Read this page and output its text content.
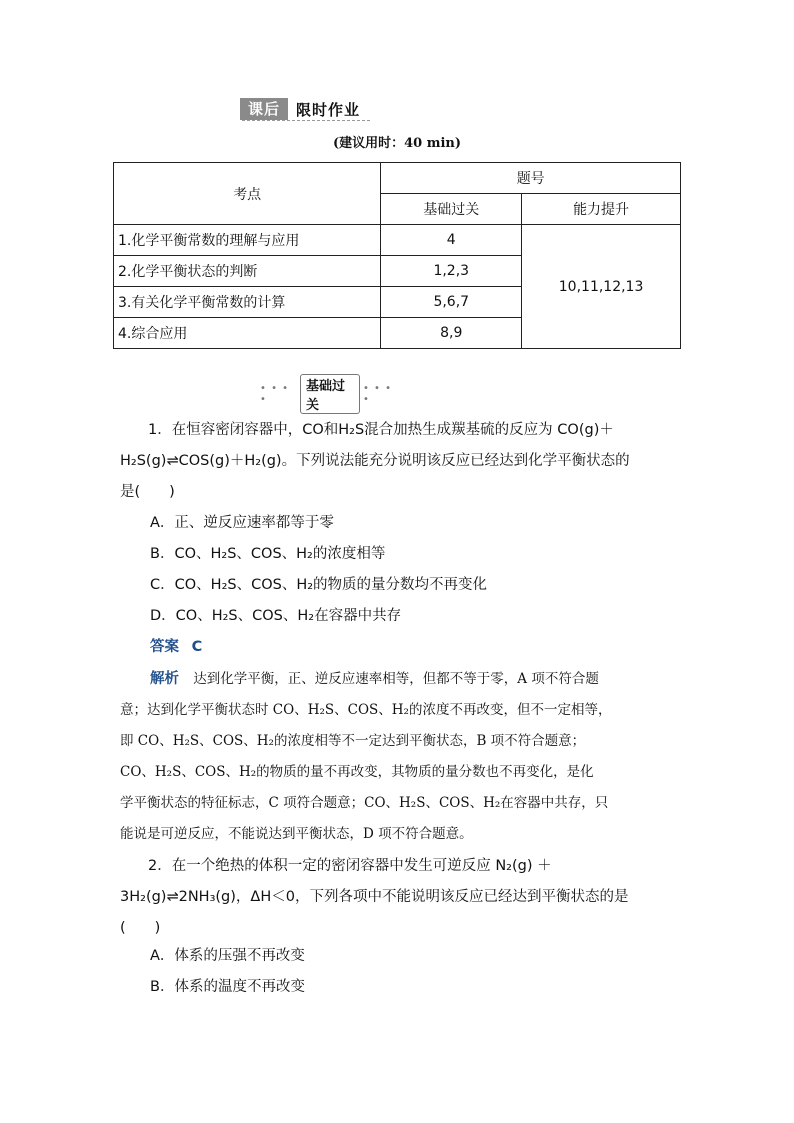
课后	限时作业
(建议用时：40 min)
考点	题号	
	基础过关	能力提升
1.化学平衡常数的理解与应用	4	10,11,12,13
2.化学平衡状态的判断	1,2,3	
3.有关化学平衡常数的计算	5,6,7	
4.综合应用	8,9	
• • • •
基础过关
• • • •
1．在恒容密闭容器中，CO和H₂S混合加热生成羰基硫的反应为 CO(g)＋
H₂S(g)⇌COS(g)＋H₂(g)。下列说法能充分说明该反应已经达到化学平衡状态的
是(　　)
A．正、逆反应速率都等于零
B．CO、H₂S、COS、H₂的浓度相等
C．CO、H₂S、COS、H₂的物质的量分数均不再变化
D．CO、H₂S、COS、H₂在容器中共存
答案 C
解析 达到化学平衡，正、逆反应速率相等，但都不等于零，A 项不符合题
意；达到化学平衡状态时 CO、H₂S、COS、H₂的浓度不再改变，但不一定相等，
即 CO、H₂S、COS、H₂的浓度相等不一定达到平衡状态，B 项不符合题意；
CO、H₂S、COS、H₂的物质的量不再改变，其物质的量分数也不再变化，是化
学平衡状态的特征标志，C 项符合题意；CO、H₂S、COS、H₂在容器中共存，只
能说是可逆反应，不能说达到平衡状态，D 项不符合题意。
2．在一个绝热的体积一定的密闭容器中发生可逆反应 N₂(g) ＋
3H₂(g)⇌2NH₃(g)，ΔH＜0，下列各项中不能说明该反应已经达到平衡状态的是
(　　)
A．体系的压强不再改变
B．体系的温度不再改变
